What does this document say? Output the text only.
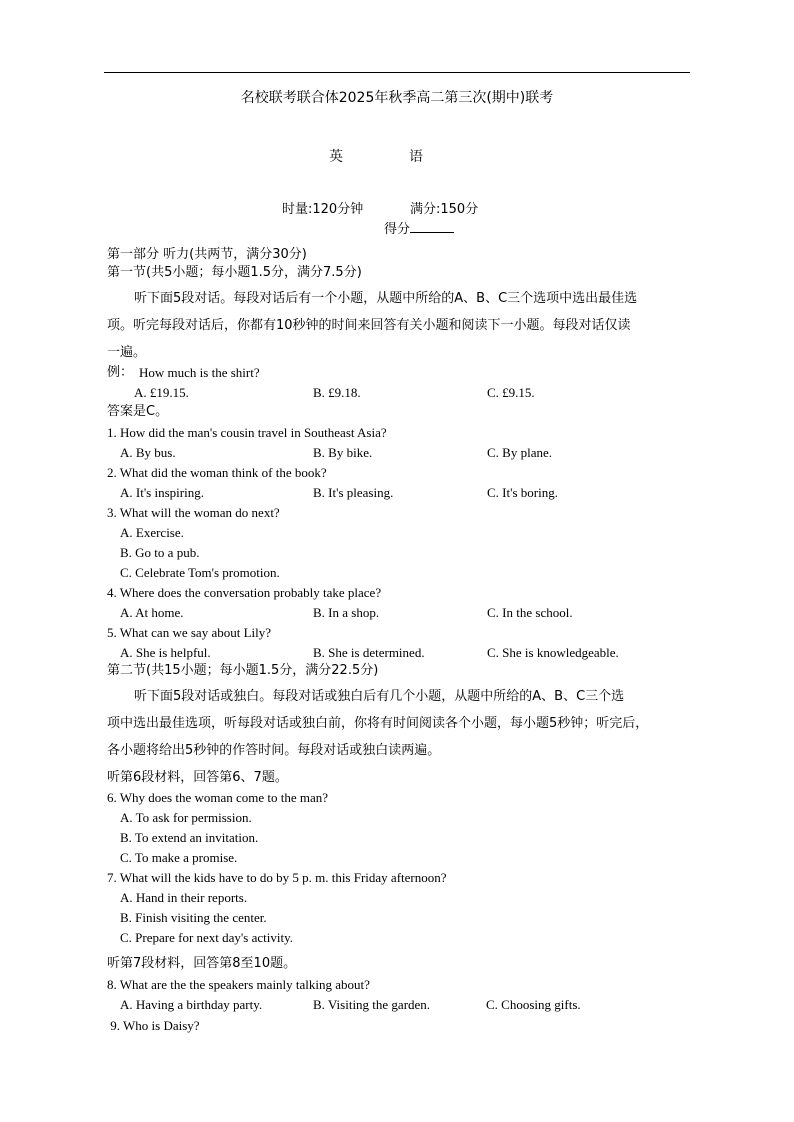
名校联考联合体2025年秋季高二第三次(期中)联考
英	语
时量:120分钟	满分:150分
得分
第一部分 听力(共两节，满分30分)
第一节(共5小题；每小题1.5分，满分7.5分)
听下面5段对话。每段对话后有一个小题，从题中所给的A、B、C三个选项中选出最佳选
项。听完每段对话后，你都有10秒钟的时间来回答有关小题和阅读下一小题。每段对话仅读
一遍。
例： How much is the shirt?
A. £19.15.	B. £9.18.	C. £9.15.
答案是C。
1. How did the man's cousin travel in Southeast Asia?
A. By bus.	B. By bike.	C. By plane.
2. What did the woman think of the book?
A. It's inspiring.	B. It's pleasing.	C. It's boring.
3. What will the woman do next?
A. Exercise.
B. Go to a pub.
C. Celebrate Tom's promotion.
4. Where does the conversation probably take place?
A. At home.	B. In a shop.	C. In the school.
5. What can we say about Lily?
A. She is helpful.	B. She is determined.	C. She is knowledgeable.
第二节(共15小题；每小题1.5分，满分22.5分)
听下面5段对话或独白。每段对话或独白后有几个小题，从题中所给的A、B、C三个选
项中选出最佳选项，听每段对话或独白前，你将有时间阅读各个小题，每小题5秒钟；听完后，
各小题将给出5秒钟的作答时间。每段对话或独白读两遍。
听第6段材料，回答第6、7题。
6. Why does the woman come to the man?
A. To ask for permission.
B. To extend an invitation.
C. To make a promise.
7. What will the kids have to do by 5 p. m. this Friday afternoon?
A. Hand in their reports.
B. Finish visiting the center.
C. Prepare for next day's activity.
听第7段材料，回答第8至10题。
8. What are the the speakers mainly talking about?
A. Having a birthday party.	B. Visiting the garden.	C. Choosing gifts.
9. Who is Daisy?
